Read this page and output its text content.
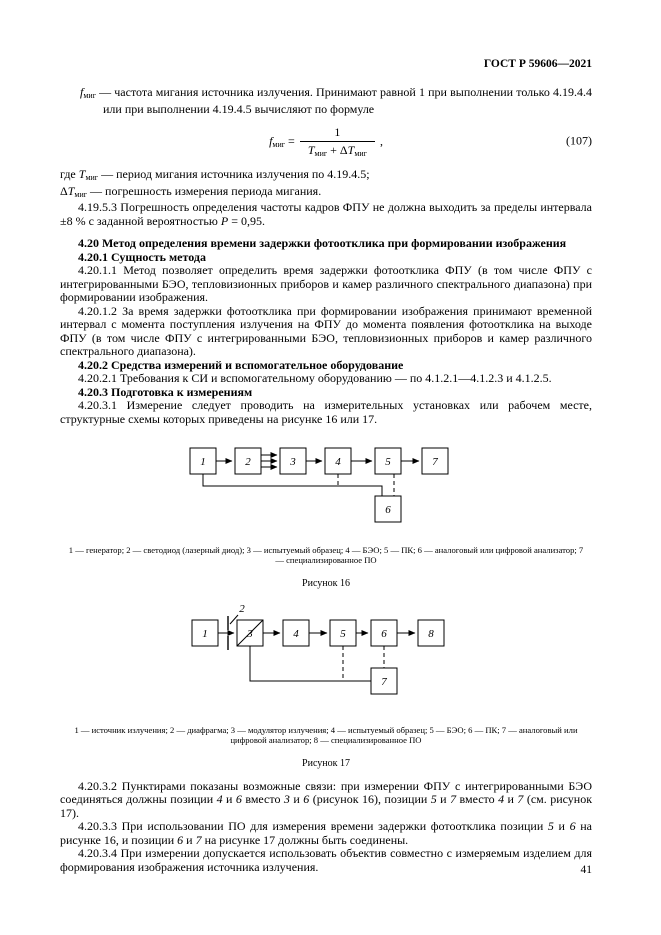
ГОСТ Р 59606—2021

fмиг — частота мигания источника излучения. Принимают равной 1 при выполнении только 4.19.4.4 или при выполнении 4.19.4.5 вычисляют по формуле

fмиг = $\frac{1}{\text{Tмиг + ΔTмиг}}$ ,	(107)

где Tмиг — период мигания источника излучения по 4.19.4.5;

ΔTмиг — погрешность измерения периода мигания.

4.19.5.3 Погрешность определения частоты кадров ФПУ не должна выходить за пределы интервала ±8 % с заданной вероятностью P = 0,95.

4.20 Метод определения времени задержки фотоотклика при формировании изображения

4.20.1 Сущность метода

4.20.1.1 Метод позволяет определить время задержки фотоотклика ФПУ (в том числе ФПУ с интегрированными БЭО, тепловизионных приборов и камер различного спектрального диапазона) при формировании изображения.

4.20.1.2 За время задержки фотоотклика при формировании изображения принимают временной интервал с момента поступления излучения на ФПУ до момента появления фотоотклика на выходе ФПУ (в том числе ФПУ с интегрированными БЭО, тепловизионных приборов и камер различного спектрального диапазона).

4.20.2 Средства измерений и вспомогательное оборудование

4.20.2.1 Требования к СИ и вспомогательному оборудованию — по 4.1.2.1—4.1.2.3 и 4.1.2.5.

4.20.3 Подготовка к измерениям

4.20.3.1 Измерение следует проводить на измерительных установках или рабочем месте, структурные схемы которых приведены на рисунке 16 или 17.

1	2	3	4	5	7
6
1 — генератор; 2 — светодиод (лазерный диод); 3 — испытуемый образец; 4 — БЭО; 5 — ПК; 6 — аналоговый или цифровой анализатор; 7 — специализированное ПО
Рисунок 16
2
1	3	4	5	6	8
7
1 — источник излучения; 2 — диафрагма; 3 — модулятор излучения; 4 — испытуемый образец; 5 — БЭО; 6 — ПК; 7 — аналоговый или цифровой анализатор; 8 — специализированное ПО
Рисунок 17

4.20.3.2 Пунктирами показаны возможные связи: при измерении ФПУ с интегрированными БЭО соединяться должны позиции 4 и 6 вместо 3 и 6 (рисунок 16), позиции 5 и 7 вместо 4 и 7 (см. рисунок 17).

4.20.3.3 При использовании ПО для измерения времени задержки фотоотклика позиции 5 и 6 на рисунке 16, и позиции 6 и 7 на рисунке 17 должны быть соединены.

4.20.3.4 При измерении допускается использовать объектив совместно с измеряемым изделием для формирования изображения источника излучения.	41
